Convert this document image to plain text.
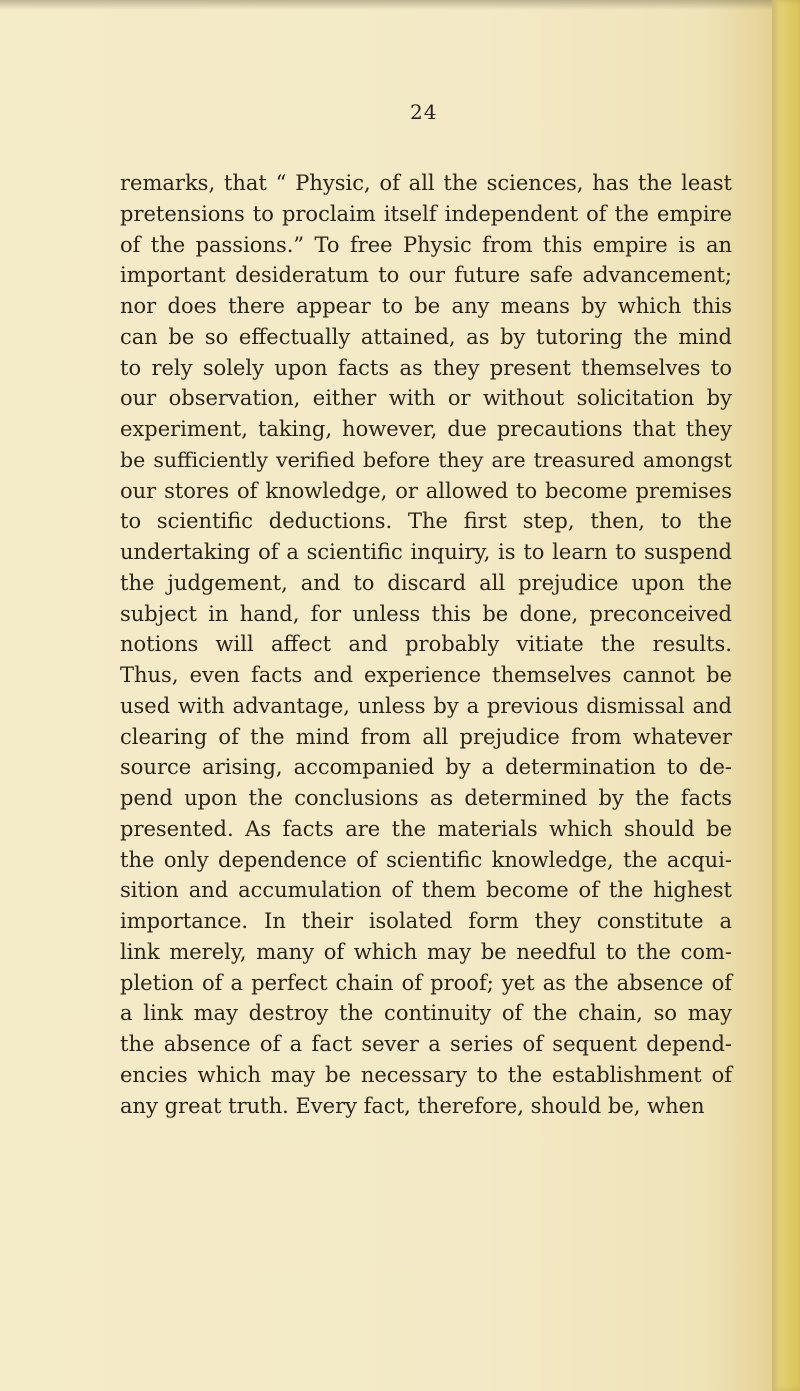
24
remarks, that “ Physic, of all the sciences, has the least
pretensions to proclaim itself independent of the empire
of the passions.” To free Physic from this empire is an
important desideratum to our future safe advancement;
nor does there appear to be any means by which this
can be so effectually attained, as by tutoring the mind
to rely solely upon facts as they present themselves to
our observation, either with or without solicitation by
experiment, taking, however, due precautions that they
be sufficiently verified before they are treasured amongst
our stores of knowledge, or allowed to become premises
to scientific deductions. The first step, then, to the
undertaking of a scientific inquiry, is to learn to suspend
the judgement, and to discard all prejudice upon the
subject in hand, for unless this be done, preconceived
notions will affect and probably vitiate the results.
Thus, even facts and experience themselves cannot be
used with advantage, unless by a previous dismissal and
clearing of the mind from all prejudice from whatever
source arising, accompanied by a determination to de-
pend upon the conclusions as determined by the facts
presented. As facts are the materials which should be
the only dependence of scientific knowledge, the acqui-
sition and accumulation of them become of the highest
importance. In their isolated form they constitute a
link merely, many of which may be needful to the com-
pletion of a perfect chain of proof; yet as the absence of
a link may destroy the continuity of the chain, so may
the absence of a fact sever a series of sequent depend-
encies which may be necessary to the establishment of
any great truth. Every fact, therefore, should be, when
